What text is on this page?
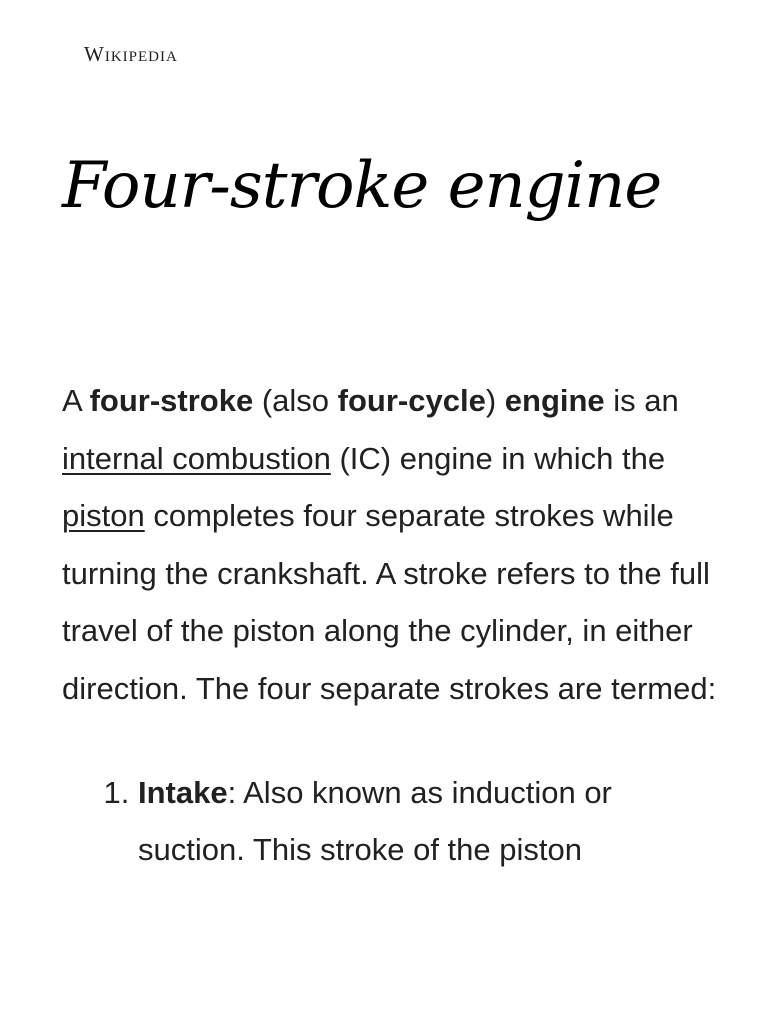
Wikipedia
Four-stroke engine

A four-stroke (also four-cycle) engine is an internal combustion (IC) engine in which the piston completes four separate strokes while turning the crankshaft. A stroke refers to the full travel of the piston along the cylinder, in either direction. The four separate strokes are termed:

1. Intake: Also known as induction or suction. This stroke of the piston
